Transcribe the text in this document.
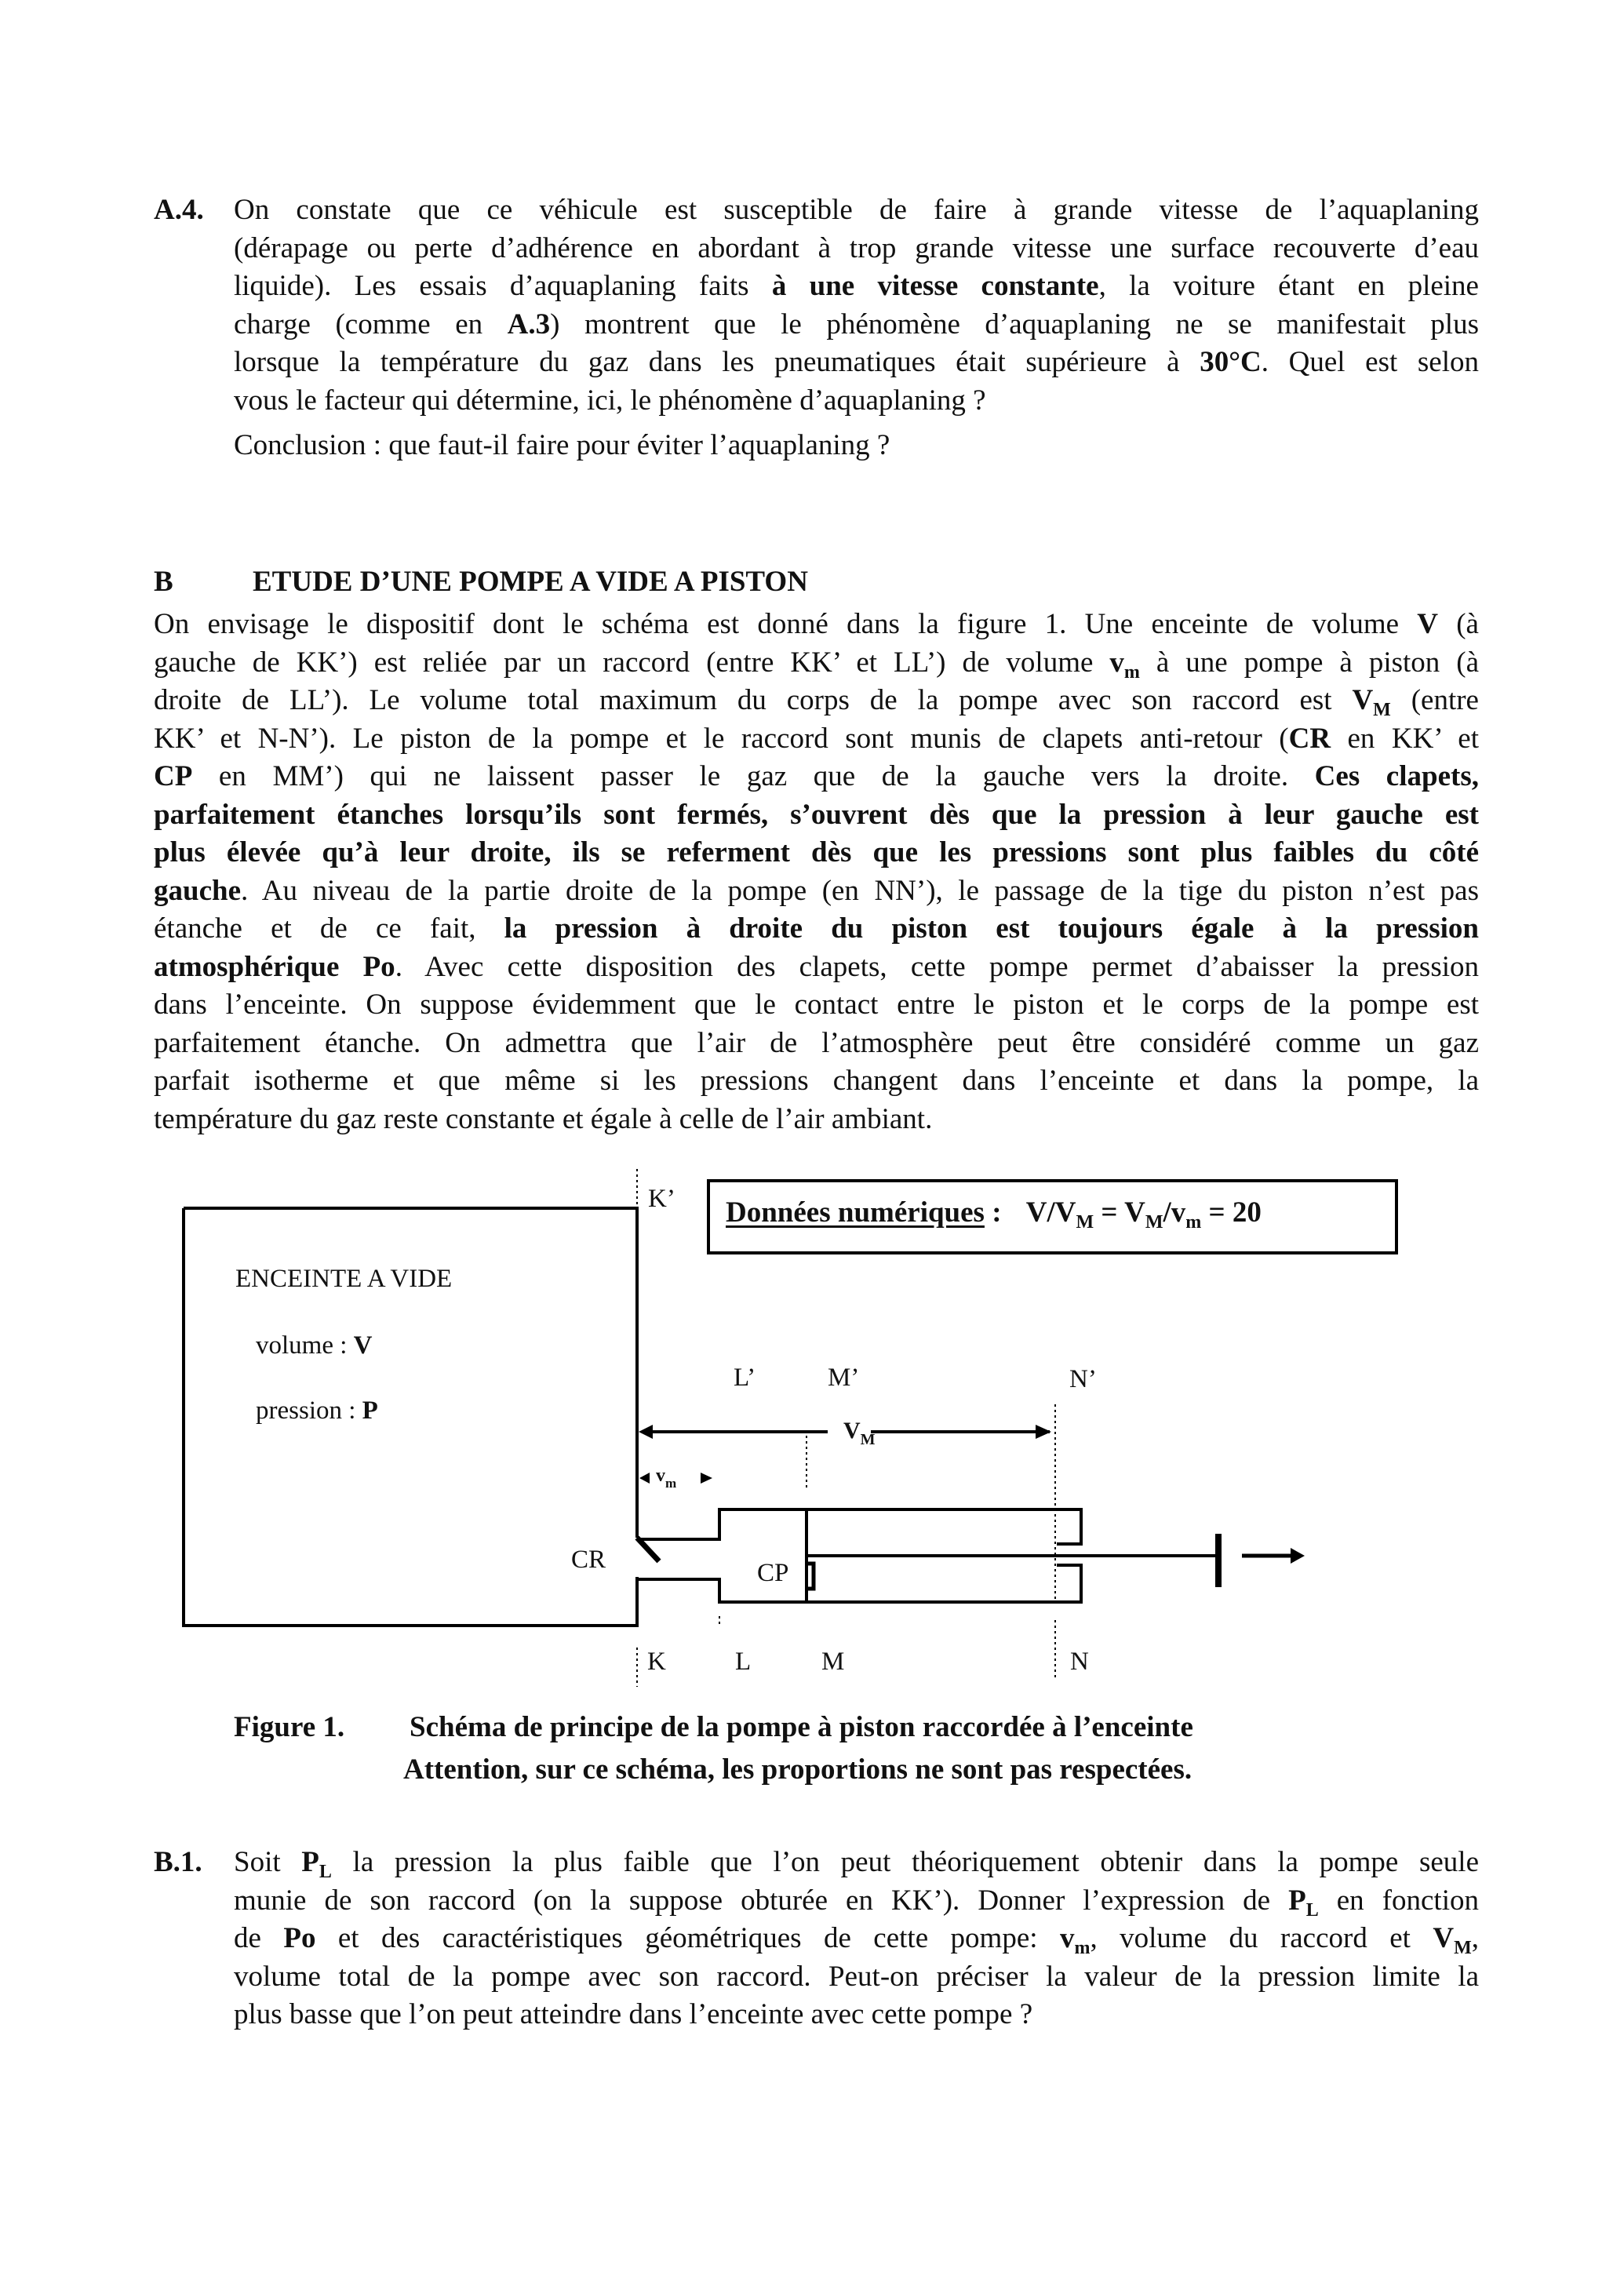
A.4. On constate que ce véhicule est susceptible de faire à grande vitesse de l’aquaplaning
(dérapage ou perte d’adhérence en abordant à trop grande vitesse une surface recouverte d’eau
liquide). Les essais d’aquaplaning faits à une vitesse constante, la voiture étant en pleine
charge (comme en A.3) montrent que le phénomène d’aquaplaning ne se manifestait plus
lorsque la température du gaz dans les pneumatiques était supérieure à 30°C. Quel est selon
vous le facteur qui détermine, ici, le phénomène d’aquaplaning ?
Conclusion : que faut-il faire pour éviter l’aquaplaning ?
B	ETUDE D’UNE POMPE A VIDE A PISTON
On envisage le dispositif dont le schéma est donné dans la figure 1. Une enceinte de volume V (à
gauche de KK’) est reliée par un raccord (entre KK’ et LL’) de volume $v_m$ à une pompe à piston (à
droite de LL’). Le volume total maximum du corps de la pompe avec son raccord est $V_M$ (entre
KK’ et N-N’). Le piston de la pompe et le raccord sont munis de clapets anti-retour (CR en KK’ et
CP en MM’) qui ne laissent passer le gaz que de la gauche vers la droite. Ces clapets,
parfaitement étanches lorsqu’ils sont fermés, s’ouvrent dès que la pression à leur gauche est
plus élevée qu’à leur droite, ils se referment dès que les pressions sont plus faibles du côté
gauche. Au niveau de la partie droite de la pompe (en NN’), le passage de la tige du piston n’est pas
étanche et de ce fait, la pression à droite du piston est toujours égale à la pression
atmosphérique Po. Avec cette disposition des clapets, cette pompe permet d’abaisser la pression
dans l’enceinte. On suppose évidemment que le contact entre le piston et le corps de la pompe est
parfaitement étanche. On admettra que l’air de l’atmosphère peut être considéré comme un gaz
parfait isotherme et que même si les pressions changent dans l’enceinte et dans la pompe, la
température du gaz reste constante et égale à celle de l’air ambiant.
ENCEINTE A VIDE
volume : V
pression : P
Données numériques : $V/V_M = V_M/v_m = 20$
K’
L’	M’	N’
$V_M$
$v_m$
CR	CP
K	L	M	N
Figure 1. Schéma de principe de la pompe à piston raccordée à l’enceinte
Attention, sur ce schéma, les proportions ne sont pas respectées.
B.1. Soit $P_L$ la pression la plus faible que l’on peut théoriquement obtenir dans la pompe seule
munie de son raccord (on la suppose obturée en KK’). Donner l’expression de $P_L$ en fonction
de Po et des caractéristiques géométriques de cette pompe: $v_m$, volume du raccord et $V_M$,
volume total de la pompe avec son raccord. Peut-on préciser la valeur de la pression limite la
plus basse que l’on peut atteindre dans l’enceinte avec cette pompe ?
